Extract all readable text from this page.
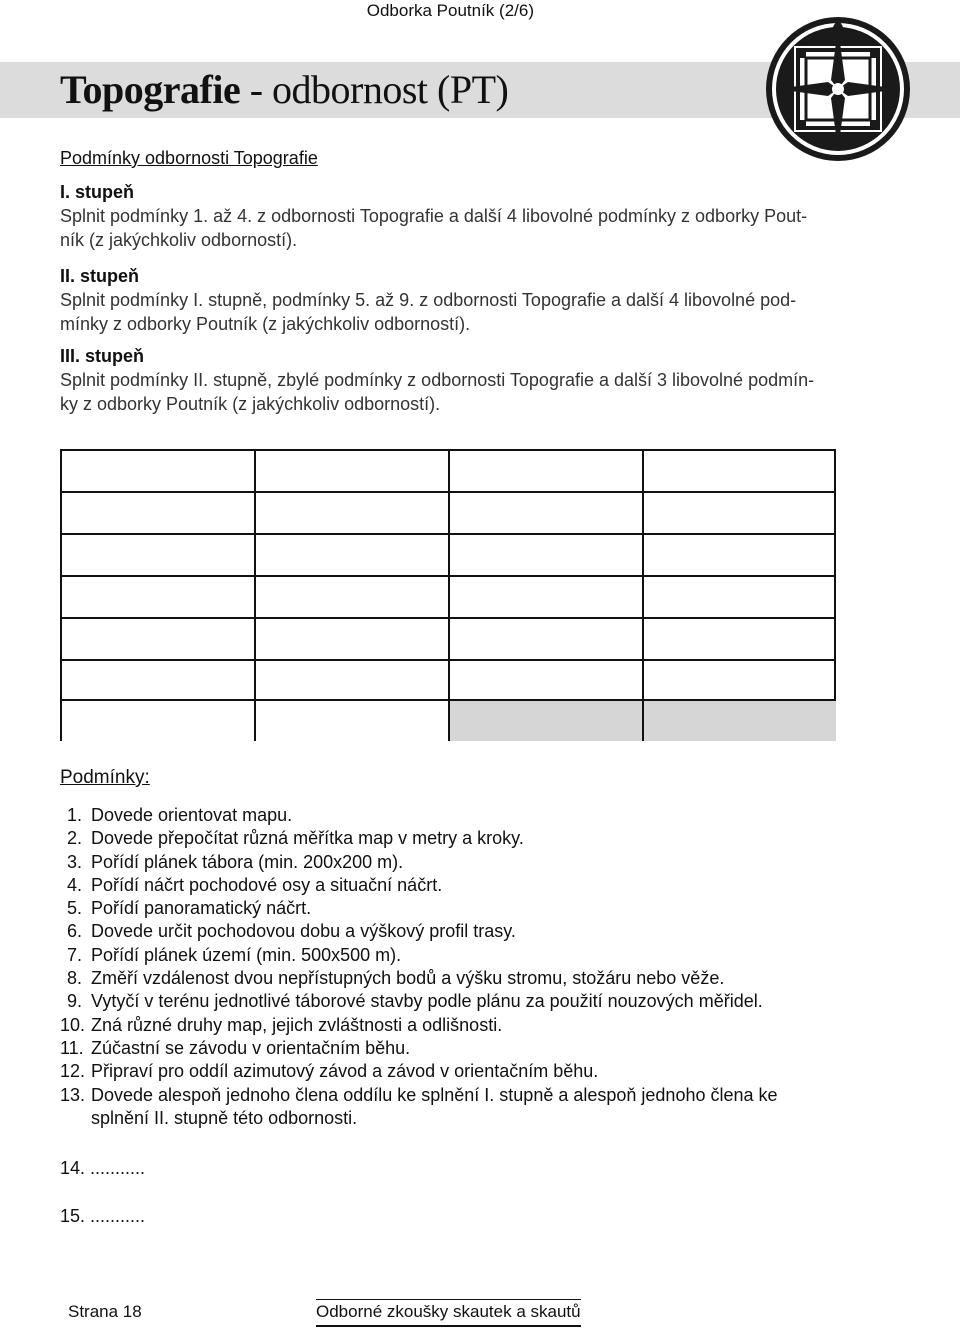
Odborka Poutník (2/6)
Topografie - odbornost (PT)
Podmínky odbornosti Topografie
I. stupeň
Splnit podmínky 1. až 4. z odbornosti Topografie a další 4 libovolné podmínky z odborky Pout-
ník (z jakýchkoliv odborností).
II. stupeň
Splnit podmínky I. stupně, podmínky 5. až 9. z odbornosti Topografie a další 4 libovolné pod-
mínky z odborky Poutník (z jakýchkoliv odborností).
III. stupeň
Splnit podmínky II. stupně, zbylé podmínky z odbornosti Topografie a další 3 libovolné podmín-
ky z odborky Poutník (z jakýchkoliv odborností).
Podmínky:
1. Dovede orientovat mapu.
2. Dovede přepočítat různá měřítka map v metry a kroky.
3. Pořídí plánek tábora (min. 200x200 m).
4. Pořídí náčrt pochodové osy a situační náčrt.
5. Pořídí panoramatický náčrt.
6. Dovede určit pochodovou dobu a výškový profil trasy.
7. Pořídí plánek území (min. 500x500 m).
8. Změří vzdálenost dvou nepřístupných bodů a výšku stromu, stožáru nebo věže.
9. Vytyčí v terénu jednotlivé táborové stavby podle plánu za použití nouzových měřidel.
10. Zná různé druhy map, jejich zvláštnosti a odlišnosti.
11. Zúčastní se závodu v orientačním běhu.
12. Připraví pro oddíl azimutový závod a závod v orientačním běhu.
13. Dovede alespoň jednoho člena oddílu ke splnění I. stupně a alespoň jednoho člena ke splnění II. stupně této odbornosti.
14. ...........
15. ...........
Strana 18	Odborné zkoušky skautek a skautů
